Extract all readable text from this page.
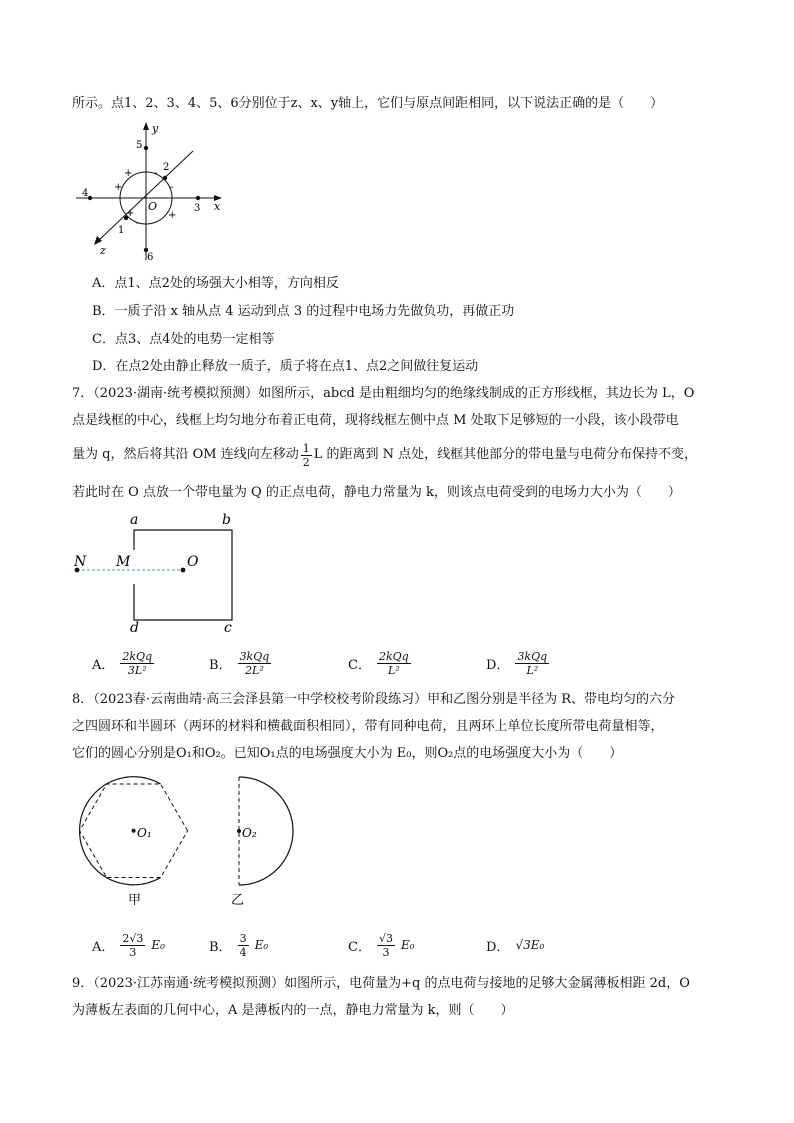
所示。点1、2、3、4、5、6分别位于z、x、y轴上，它们与原点间距相同，以下说法正确的是（　　）
y
x
z
O
1
2
3
4
5
6
+
+
+
+
-
-
-
A．点1、点2处的场强大小相等，方向相反
B．一质子沿 x 轴从点 4 运动到点 3 的过程中电场力先做负功，再做正功
C．点3、点4处的电势一定相等
D．在点2处由静止释放一质子，质子将在点1、点2之间做往复运动
7．（2023·湖南·统考模拟预测）如图所示，abcd 是由粗细均匀的绝缘线制成的正方形线框，其边长为 L，O
点是线框的中心，线框上均匀地分布着正电荷，现将线框左侧中点 M 处取下足够短的一小段，该小段带电
量为 q，然后将其沿 OM 连线向左移动 $\frac{1}{2}$ L 的距离到 N 点处，线框其他部分的带电量与电荷分布保持不变，
若此时在 O 点放一个带电量为 Q 的正点电荷，静电力常量为 k，则该点电荷受到的电场力大小为（　　）
a	b
c
d
N M	O
A． $\frac{\text{2kQq}}{\text{3L²}}$	B． $\frac{\text{3kQq}}{\text{2L²}}$	C． $\frac{\text{2kQq}}{\text{L²}}$	D． $\frac{\text{3kQq}}{\text{L²}}$
8．（2023春·云南曲靖·高三会泽县第一中学校校考阶段练习）甲和乙图分别是半径为 R、带电均匀的六分
之四圆环和半圆环（两环的材料和横截面积相同），带有同种电荷，且两环上单位长度所带电荷量相等，
它们的圆心分别是O₁和O₂。已知O₁点的电场强度大小为 E₀，则O₂点的电场强度大小为（　　）
O₁
甲
O₂
乙
A． $\frac{2√3}{3} E_0$	B． $\frac{3}{4} E_0$	C． $\frac{√3}{3} E_0$	D． √3E₀
9．（2023·江苏南通·统考模拟预测）如图所示，电荷量为+q 的点电荷与接地的足够大金属薄板相距 2d，O
为薄板左表面的几何中心，A 是薄板内的一点，静电力常量为 k，则（　　）
